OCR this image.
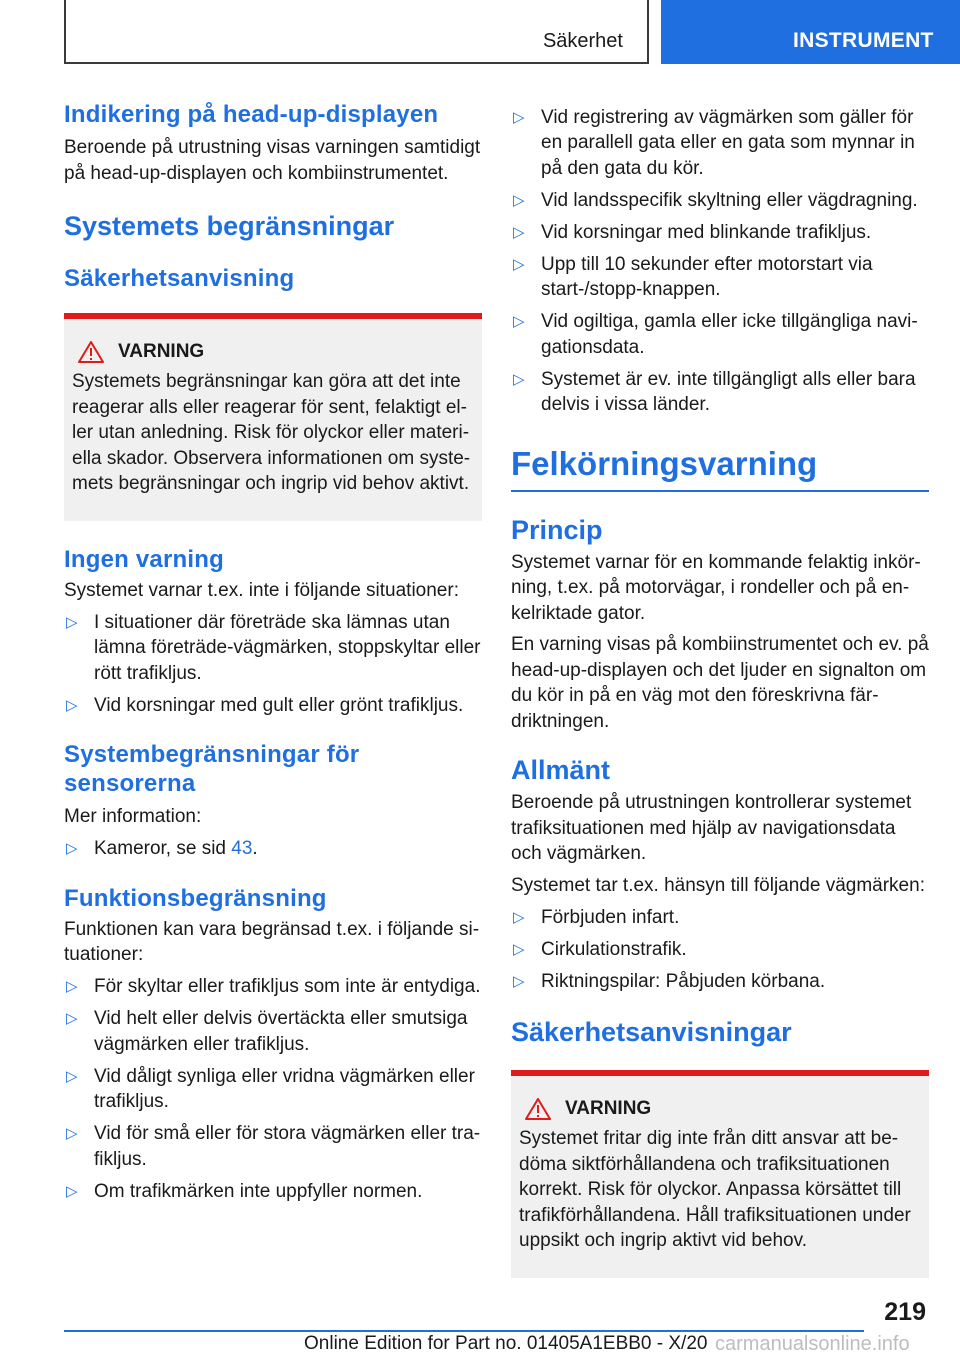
Säkerhet	INSTRUMENT
Indikering på head-up-displayen

Beroende på utrustning visas varningen samtidigt på head-up-displayen och kombiinstrumentet.

Systemets begränsningar
Säkerhetsanvisning
VARNING

Systemets begränsningar kan göra att det inte reagerar alls eller reagerar för sent, felaktigt eller utan anledning. Risk för olyckor eller materiella skador. Observera informationen om systemets begränsningar och ingrip vid behov aktivt.

Ingen varning

Systemet varnar t.ex. inte i följande situationer:

▷ I situationer där företräde ska lämnas utan lämna företräde-vägmärken, stoppskyltar eller rött trafikljus.
▷ Vid korsningar med gult eller grönt trafikljus.
Systembegränsningar för sensorerna

Mer information:

▷ Kameror, se sid 43.
Funktionsbegränsning

Funktionen kan vara begränsad t.ex. i följande situationer:

▷ För skyltar eller trafikljus som inte är entydiga.
▷ Vid helt eller delvis övertäckta eller smutsiga vägmärken eller trafikljus.
▷ Vid dåligt synliga eller vridna vägmärken eller trafikljus.
▷ Vid för små eller för stora vägmärken eller trafikljus.
▷ Om trafikmärken inte uppfyller normen.
▷ Vid registrering av vägmärken som gäller för en parallell gata eller en gata som mynnar in på den gata du kör.
▷ Vid landsspecifik skyltning eller vägdragning.
▷ Vid korsningar med blinkande trafikljus.
▷ Upp till 10 sekunder efter motorstart via start-/stopp-knappen.
▷ Vid ogiltiga, gamla eller icke tillgängliga navigationsdata.
▷ Systemet är ev. inte tillgängligt alls eller bara delvis i vissa länder.
Felkörningsvarning
Princip

Systemet varnar för en kommande felaktig inkörning, t.ex. på motorvägar, i rondeller och på enkelriktade gator.

En varning visas på kombiinstrumentet och ev. på head-up-displayen och det ljuder en signalton om du kör in på en väg mot den föreskrivna färdriktningen.

Allmänt

Beroende på utrustningen kontrollerar systemet trafiksituationen med hjälp av navigationsdata och vägmärken.

Systemet tar t.ex. hänsyn till följande vägmärken:

▷ Förbjuden infart.
▷ Cirkulationstrafik.
▷ Riktningspilar: Påbjuden körbana.
Säkerhetsanvisningar
VARNING

Systemet fritar dig inte från ditt ansvar att bedöma siktförhållandena och trafiksituationen korrekt. Risk för olyckor. Anpassa körsättet till trafikförhållandena. Håll trafiksituationen under uppsikt och ingrip aktivt vid behov.

219
Online Edition for Part no. 01405A1EBB0 - X/20 carmanualsonline.info
